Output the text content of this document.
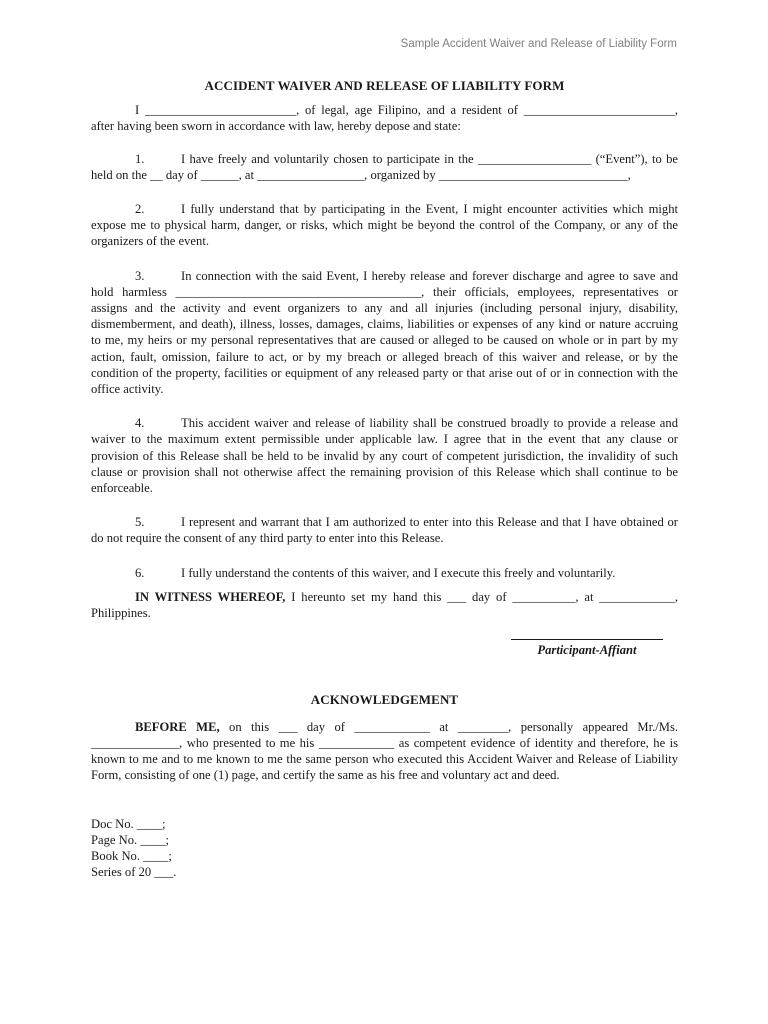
Sample Accident Waiver and Release of Liability Form
ACCIDENT WAIVER AND RELEASE OF LIABILITY FORM

I ________________________, of legal, age Filipino, and a resident of ________________________, after having been sworn in accordance with law, hereby depose and state:

1.	I have freely and voluntarily chosen to participate in the __________________ (“Event”), to be held on the __ day of ______, at _________________, organized by ______________________________,

2.	I fully understand that by participating in the Event, I might encounter activities which might expose me to physical harm, danger, or risks, which might be beyond the control of the Company, or any of the organizers of the event.

3.	In connection with the said Event, I hereby release and forever discharge and agree to save and hold harmless _______________________________________, their officials, employees, representatives or assigns and the activity and event organizers to any and all injuries (including personal injury, disability, dismemberment, and death), illness, losses, damages, claims, liabilities or expenses of any kind or nature accruing to me, my heirs or my personal representatives that are caused or alleged to be caused on whole or in part by my action, fault, omission, failure to act, or by my breach or alleged breach of this waiver and release, or by the condition of the property, facilities or equipment of any released party or that arise out of or in connection with the office activity.

4.	This accident waiver and release of liability shall be construed broadly to provide a release and waiver to the maximum extent permissible under applicable law. I agree that in the event that any clause or provision of this Release shall be held to be invalid by any court of competent jurisdiction, the invalidity of such clause or provision shall not otherwise affect the remaining provision of this Release which shall continue to be enforceable.

5.	I represent and warrant that I am authorized to enter into this Release and that I have obtained or do not require the consent of any third party to enter into this Release.

6.	I fully understand the contents of this waiver, and I execute this freely and voluntarily.

IN WITNESS WHEREOF, I hereunto set my hand this ___ day of __________, at ____________, Philippines.

Participant-Affiant
ACKNOWLEDGEMENT

BEFORE ME, on this ___ day of ____________ at ________, personally appeared Mr./Ms. ______________, who presented to me his ____________ as competent evidence of identity and therefore, he is known to me and to me known to me the same person who executed this Accident Waiver and Release of Liability Form, consisting of one (1) page, and certify the same as his free and voluntary act and deed.

Doc No. ____;
Page No. ____;
Book No. ____;
Series of 20 ___.
